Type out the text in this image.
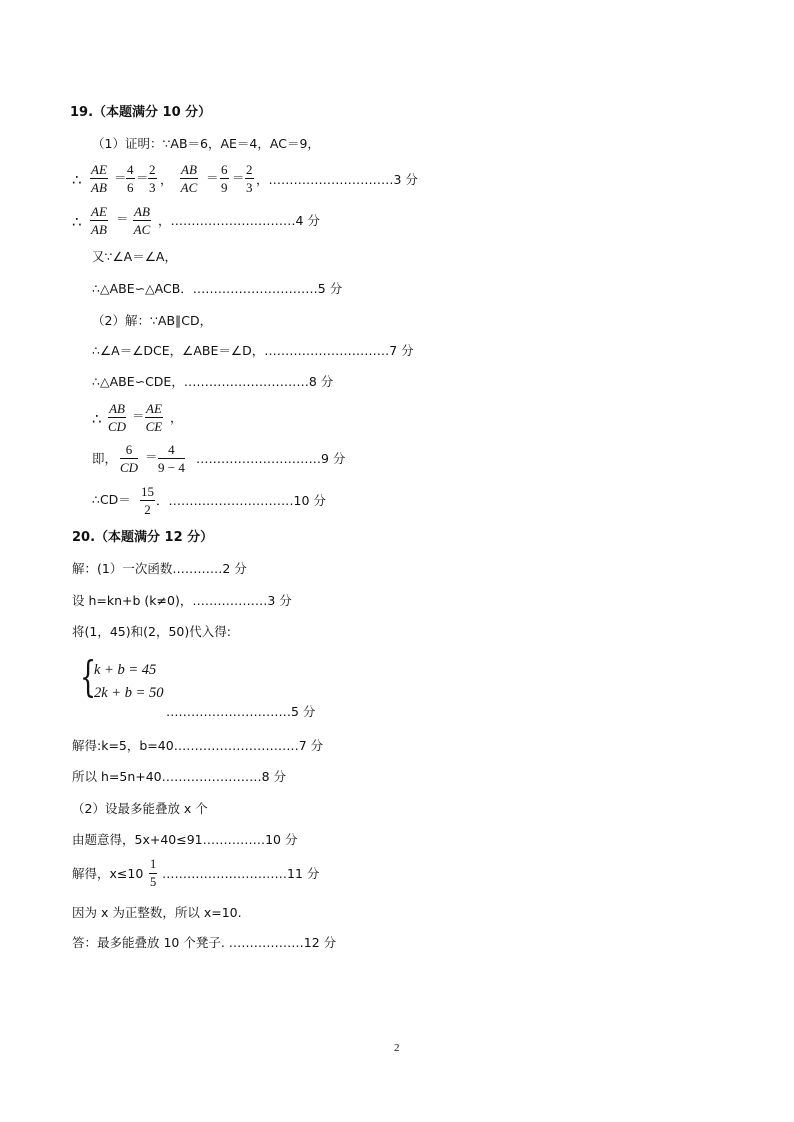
19.（本题满分 10 分）
（1）证明：∵AB＝6，AE＝4，AC＝9，
∴ $\frac{AE}{AB} = \frac{4}{6} = \frac{2}{3}$ ， $\frac{AB}{AC} = \frac{6}{9} = \frac{2}{3}$ ，…………………………3 分
∴ $\frac{AE}{AB} = \frac{AB}{AC}$ ，…………………………4 分
又∵∠A＝∠A，
∴△ABE∽△ACB．…………………………5 分
（2）解：∵AB∥CD，
∴∠A＝∠DCE，∠ABE＝∠D，…………………………7 分
∴△ABE∽CDE，…………………………8 分
∴ $\frac{AB}{CD} = \frac{AE}{CE}$ ，
即， $\frac{6}{CD} = \frac{4}{9 - 4}$ …………………………9 分
∴CD＝ $\frac{15}{2}$ ．…………………………10 分
20.（本题满分 12 分）
解：(1）一次函数…………2 分
设 h=kn+b (k≠0)，………………3 分
将(1，45)和(2，50)代入得:
{
k + b = 45
2k + b = 50
…………………………5 分
解得:k=5，b=40…………………………7 分
所以 h=5n+40……………………8 分
（2）设最多能叠放 x 个
由题意得，5x+40≤91……………10 分
解得，$x\le 10 \frac{1}{5}$ …………………………11 分
因为 x 为正整数，所以 x=10.
答：最多能叠放 10 个凳子. ………………12 分
2
